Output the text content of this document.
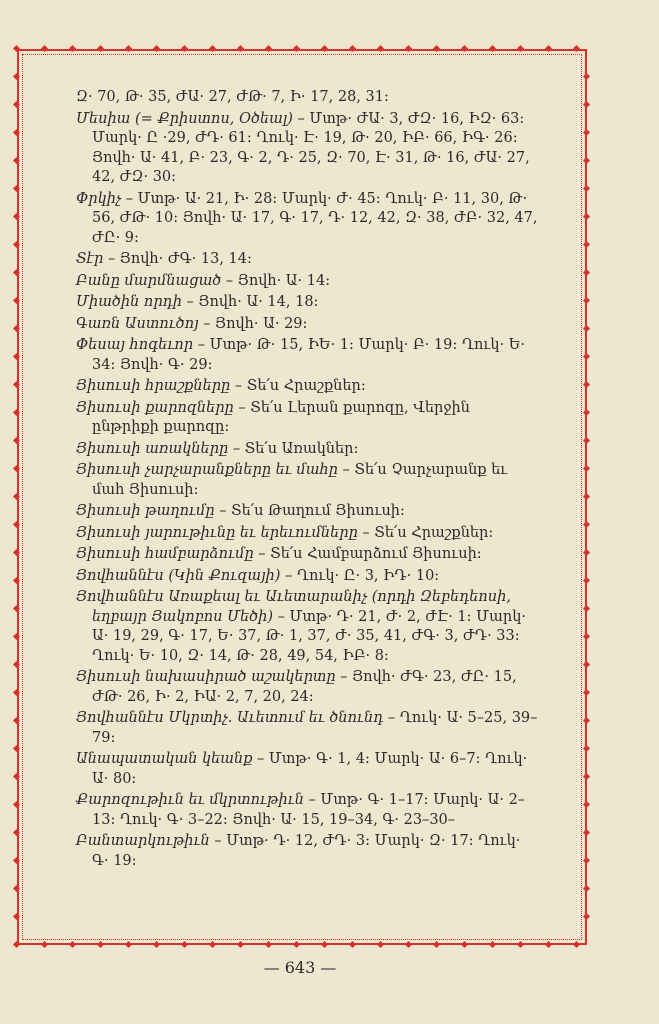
Զ· 70, Թ· 35, ԺԱ· 27, ԺԹ· 7, Ի· 17, 28, 31:

Մեսիա (= Քրիստոս, Օծեալ) – Մտթ· ԺԱ· 3, ԺԶ· 16, ԻԶ· 63: Մարկ· Ը ·29, ԺԴ· 61: Ղուկ· Է· 19, Թ· 20, ԻԲ· 66, ԻԳ· 26: Յովհ· Ա· 41, Բ· 23, Գ· 2, Դ· 25, Զ· 70, Է· 31, Թ· 16, ԺԱ· 27, 42, ԺԶ· 30:

Փրկիչ – Մտթ· Ա· 21, Ի· 28: Մարկ· Ժ· 45: Ղուկ· Բ· 11, 30, Թ· 56, ԺԹ· 10: Յովհ· Ա· 17, Գ· 17, Դ· 12, 42, Զ· 38, ԺԲ· 32, 47, ԺԸ· 9:

Տէր – Յովհ· ԺԳ· 13, 14:

Բանը մարմնացած – Յովհ· Ա· 14:

Միածին որդի – Յովհ· Ա· 14, 18:

Գառն Աստուծոյ – Յովհ· Ա· 29:

Փեսայ հոգեւոր – Մտթ· Թ· 15, ԻԵ· 1: Մարկ· Բ· 19: Ղուկ· Ե· 34: Յովհ· Գ· 29:

Յիսուսի հրաշքները – Տե՛ս Հրաշքներ:

Յիսուսի քարոզները – Տե՛ս Լերան քարոզը, Վերջին ընթրիքի քարոզը:

Յիսուսի առակները – Տե՛ս Առակներ:

Յիսուսի չարչարանքները եւ մահը – Տե՛ս Չարչարանք եւ մահ Յիսուսի:

Յիսուսի թաղումը – Տե՛ս Թաղում Յիսուսի:

Յիսուսի յարութիւնը եւ երեւումները – Տե՛ս Հրաշքներ:

Յիսուսի համբարձումը – Տե՛ս Համբարձում Յիսուսի:

Յովհաննէս (Կին Քուզայի) – Ղուկ· Ը· 3, ԻԴ· 10:

Յովհաննէս Առաքեալ եւ Աւետարանիչ (որդի Զեբեդեոսի, եղբայր Յակոբոս Մեծի) – Մտթ· Դ· 21, Ժ· 2, ԺԷ· 1: Մարկ· Ա· 19, 29, Գ· 17, Ե· 37, Թ· 1, 37, Ժ· 35, 41, ԺԳ· 3, ԺԴ· 33: Ղուկ· Ե· 10, Զ· 14, Թ· 28, 49, 54, ԻԲ· 8:

Յիսուսի նախասիրած աշակերտը – Յովհ· ԺԳ· 23, ԺԸ· 15, ԺԹ· 26, Ի· 2, ԻԱ· 2, 7, 20, 24:

Յովհաննէս Մկրտիչ. Աւետում եւ ծնունդ – Ղուկ· Ա· 5–25, 39–79:

Անապատական կեանք – Մտթ· Գ· 1, 4: Մարկ· Ա· 6–7: Ղուկ· Ա· 80:

Քարոզութիւն եւ մկրտութիւն – Մտթ· Գ· 1–17: Մարկ· Ա· 2–13: Ղուկ· Գ· 3–22: Յովհ· Ա· 15, 19–34, Գ· 23–30–

Բանտարկութիւն – Մտթ· Դ· 12, ԺԴ· 3: Մարկ· Զ· 17: Ղուկ· Գ· 19:

— 643 —
